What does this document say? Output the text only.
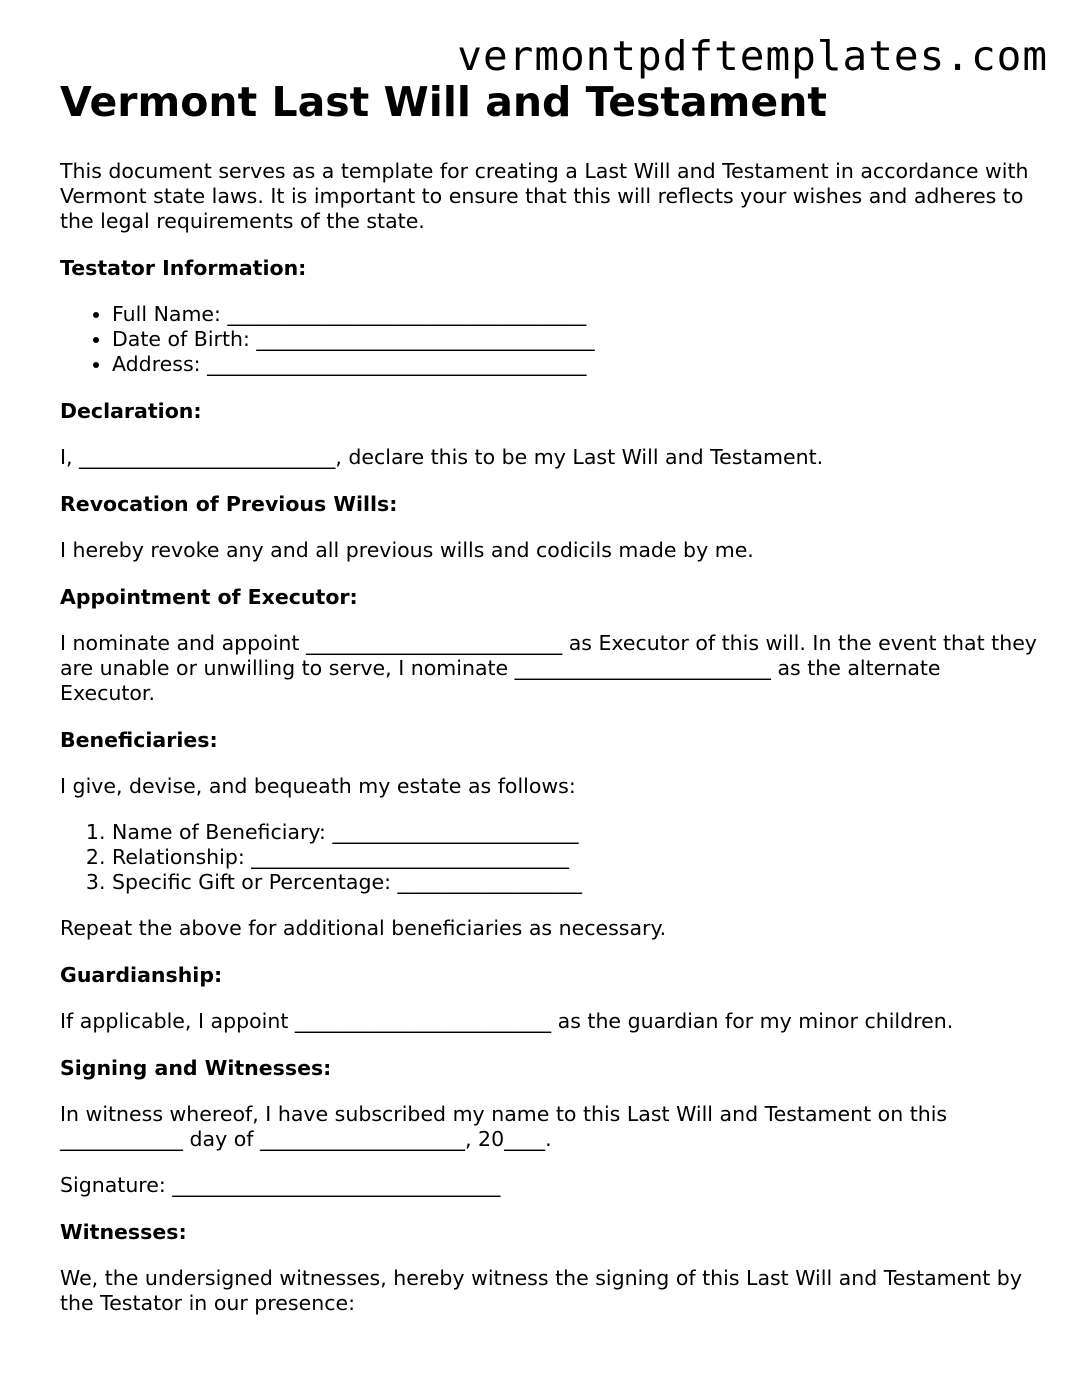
vermontpdftemplates.com
Vermont Last Will and Testament

This document serves as a template for creating a Last Will and Testament in accordance with Vermont state laws. It is important to ensure that this will reflects your wishes and adheres to the legal requirements of the state.

Testator Information:

• Full Name: ___________________________________
• Date of Birth: _________________________________
• Address: _____________________________________

Declaration:

I, _________________________, declare this to be my Last Will and Testament.

Revocation of Previous Wills:

I hereby revoke any and all previous wills and codicils made by me.

Appointment of Executor:

I nominate and appoint _________________________ as Executor of this will. In the event that they are unable or unwilling to serve, I nominate _________________________ as the alternate Executor.

Beneficiaries:

I give, devise, and bequeath my estate as follows:

1. Name of Beneficiary: ________________________
2. Relationship: _______________________________
3. Specific Gift or Percentage: __________________

Repeat the above for additional beneficiaries as necessary.

Guardianship:

If applicable, I appoint _________________________ as the guardian for my minor children.

Signing and Witnesses:

In witness whereof, I have subscribed my name to this Last Will and Testament on this ____________ day of ____________________, 20____.

Signature: ________________________________

Witnesses:

We, the undersigned witnesses, hereby witness the signing of this Last Will and Testament by the Testator in our presence:
